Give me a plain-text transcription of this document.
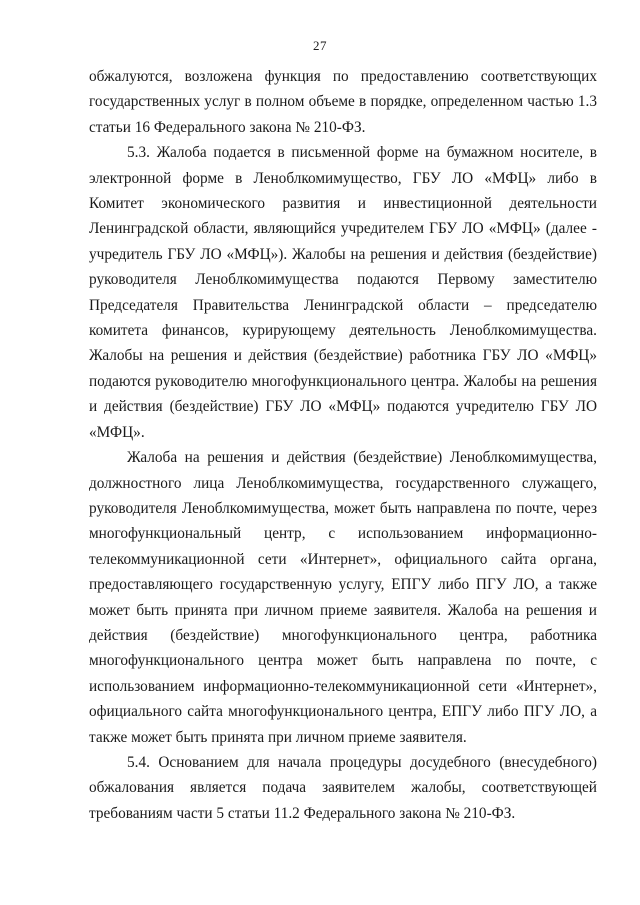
27

обжалуются, возложена функция по предоставлению соответствующих государственных услуг в полном объеме в порядке, определенном частью 1.3 статьи 16 Федерального закона № 210-ФЗ.

5.3. Жалоба подается в письменной форме на бумажном носителе, в электронной форме в Леноблкомимущество, ГБУ ЛО «МФЦ» либо в Комитет экономического развития и инвестиционной деятельности Ленинградской области, являющийся учредителем ГБУ ЛО «МФЦ» (далее - учредитель ГБУ ЛО «МФЦ»). Жалобы на решения и действия (бездействие) руководителя Леноблкомимущества подаются Первому заместителю Председателя Правительства Ленинградской области – председателю комитета финансов, курирующему деятельность Леноблкомимущества. Жалобы на решения и действия (бездействие) работника ГБУ ЛО «МФЦ» подаются руководителю многофункционального центра. Жалобы на решения и действия (бездействие) ГБУ ЛО «МФЦ» подаются учредителю ГБУ ЛО «МФЦ».

Жалоба на решения и действия (бездействие) Леноблкомимущества, должностного лица Леноблкомимущества, государственного служащего, руководителя Леноблкомимущества, может быть направлена по почте, через многофункциональный центр, с использованием информационно-телекоммуникационной сети «Интернет», официального сайта органа, предоставляющего государственную услугу, ЕПГУ либо ПГУ ЛО, а также может быть принята при личном приеме заявителя. Жалоба на решения и действия (бездействие) многофункционального центра, работника многофункционального центра может быть направлена по почте, с использованием информационно-телекоммуникационной сети «Интернет», официального сайта многофункционального центра, ЕПГУ либо ПГУ ЛО, а также может быть принята при личном приеме заявителя.

5.4. Основанием для начала процедуры досудебного (внесудебного) обжалования является подача заявителем жалобы, соответствующей требованиям части 5 статьи 11.2 Федерального закона № 210-ФЗ.
